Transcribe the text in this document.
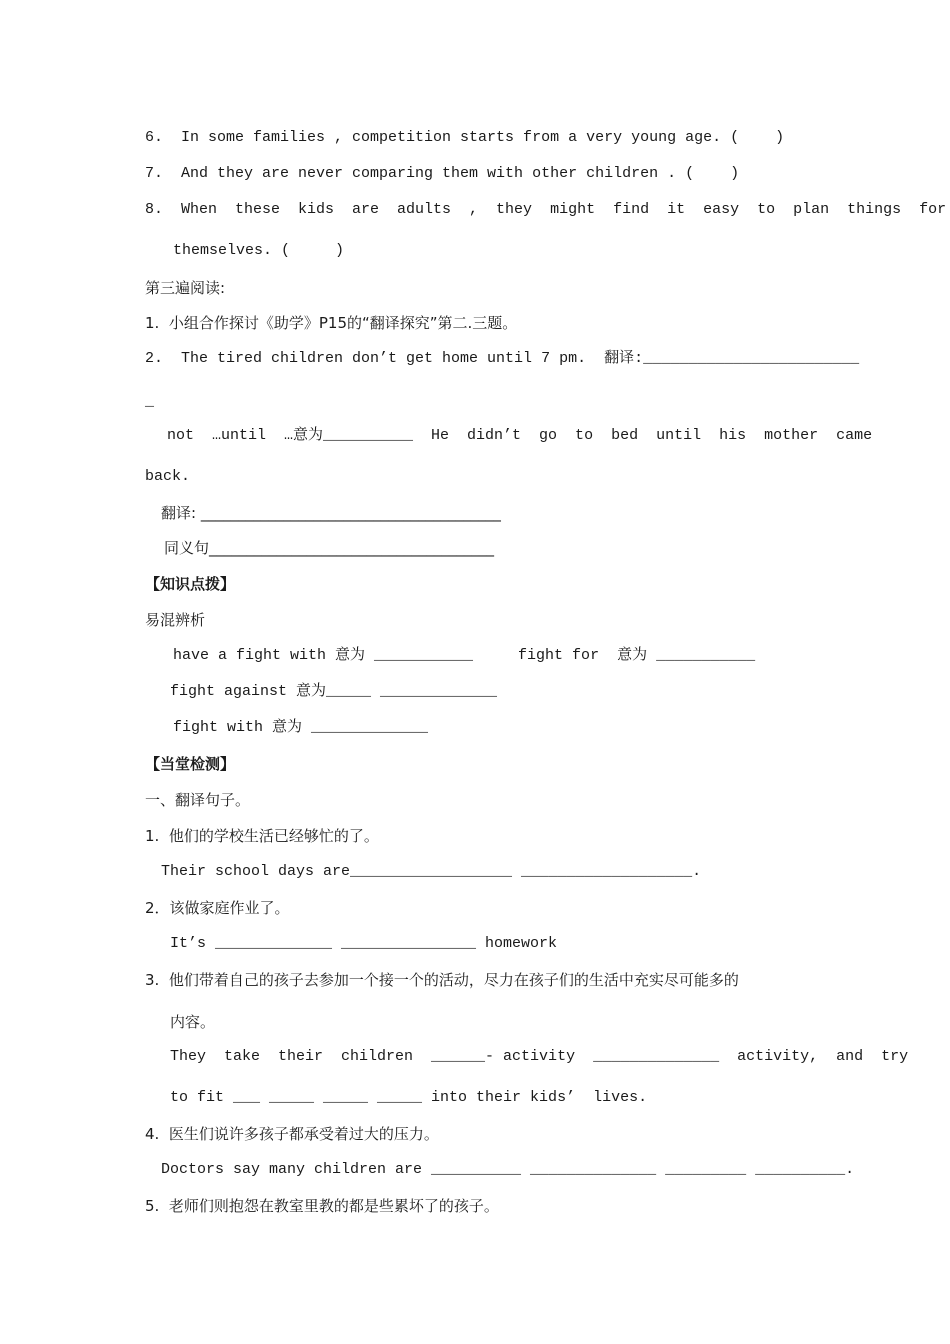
6.  In some families , competition starts from a very young age. (    )
7.  And they are never comparing them with other children . (    )
8.  When  these  kids  are  adults  ,  they  might  find  it  easy  to  plan  things  for
themselves. (     )
第三遍阅读:
1.  小组合作探讨《助学》P15的“翻译探究”第二.三题。
2.  The tired children don’t get home until 7 pm.  翻译:________________________
_
not  …until  …意为__________  He  didn’t  go  to  bed  until  his  mother  came
back.
翻译: ________________________________________
同义句______________________________________
【知识点拨】
易混辨析
have a fight with 意为 ___________     fight for  意为 ___________
fight against 意为_____ _____________
fight with 意为 _____________
【当堂检测】
一、翻译句子。
1.  他们的学校生活已经够忙的了。
Their school days are__________________ ___________________.
2．该做家庭作业了。
It’s _____________ _______________ homework
3.  他们带着自己的孩子去参加一个接一个的活动，尽力在孩子们的生活中充实尽可能多的
内容。
They  take  their  children  ______- activity  ______________  activity,  and  try
to fit ___ _____ _____ _____ into their kids’  lives.
4.  医生们说许多孩子都承受着过大的压力。
Doctors say many children are __________ ______________ _________ __________.
5.  老师们则抱怨在教室里教的都是些累坏了的孩子。
